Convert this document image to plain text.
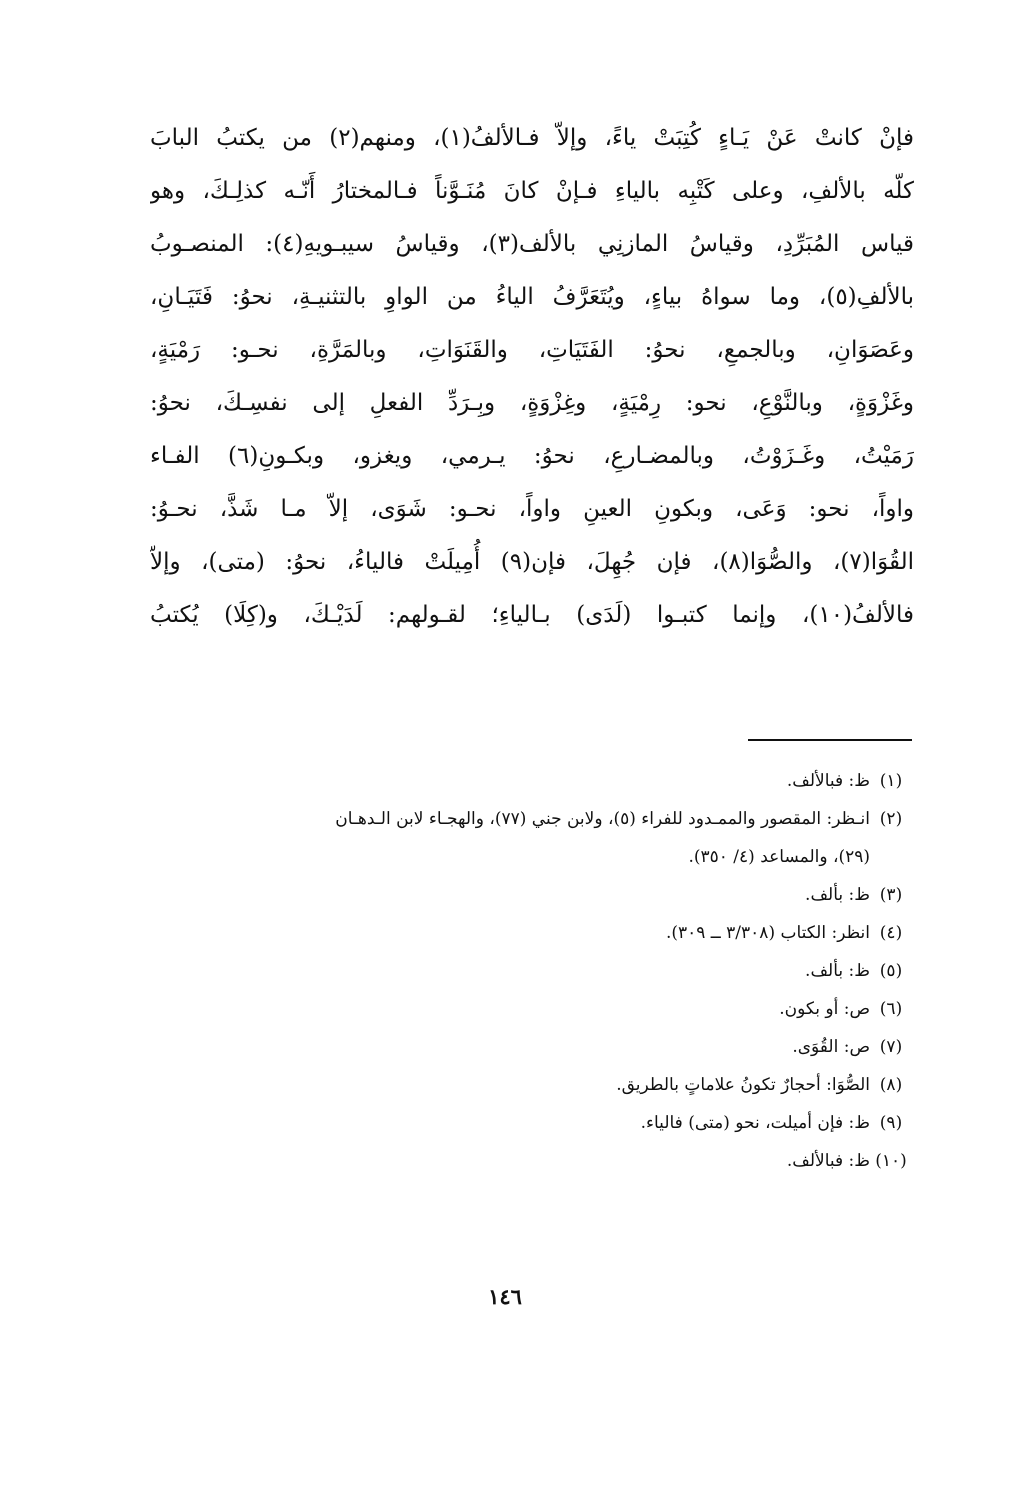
فإنْ كانتْ عَنْ يَـاءٍ كُتِبَتْ ياءً، وإلاّ فـالألفُ(١)، ومنهم(٢) من يكتبُ البابَ
كلّه بالألفِ، وعلى كَتْبِه بالياءِ فـإنْ كانَ مُنَـوَّناً فـالمختارُ أَنّـه كذلِـكَ، وهو
قياس المُبَرِّدِ، وقياسُ المازنِي بالألف(٣)، وقياسُ سيبـويهِ(٤): المنصـوبُ
بالألفِ(٥)، وما سواهُ بياءٍ، ويُتَعَرَّفُ الياءُ من الواوِ بالتثنيـةِ، نحوُ: فَتَيَـانِ،
وعَصَوَانِ، وبالجمعِ، نحوُ: الفَتَيَاتِ، والقَنَوَاتِ، وبالمَرَّةِ، نحـو: رَمْيَةٍ،
وغَزْوَةٍ، وبالنَّوْعِ، نحو: رِمْيَةٍ، وغِزْوَةٍ، وبِـرَدِّ الفعلِ إلى نفسِـكَ، نحوُ:
رَمَيْتُ، وغَـزَوْتُ، وبالمضـارعِ، نحوُ: يـرمي، ويغزو، وبكـونِ(٦) الفـاء
واواً، نحو: وَعَى، وبكونِ العينِ واواً، نحـو: شَوَى، إلاّ مـا شَذَّ، نحـوُ:
القُوَا(٧)، والصُّوَا(٨)، فإن جُهِلَ، فإن(٩) أُمِيلَتْ فالياءُ، نحوُ: (متى)، وإلاّ
فالألفُ(١٠)، وإنما كتبـوا (لَدَى) بـالياءِ؛ لقـولهم: لَدَيْـكَ، و(كِلَا) يُكتبُ
(١)
ظ: فبالألف.
(٢)
انـظر: المقصور والممـدود للفراء (٥)، ولابن جني (٧٧)، والهجـاء لابن الـدهـان
(٢٩)، والمساعد (٤/ ٣٥٠).
(٣)
ظ: بألف.
(٤)
انظر: الكتاب (٣/٣٠٨ ــ ٣٠٩).
(٥)
ظ: بألف.
(٦)
ص: أو بكون.
(٧)
ص: القُوَى.
(٨)
الصُّوَا: أحجارٌ تكونُ علاماتٍ بالطريق.
(٩)
ظ: فإن أميلت، نحو (متى) فالياء.
(١٠)
ظ: فبالألف.
١٤٦
